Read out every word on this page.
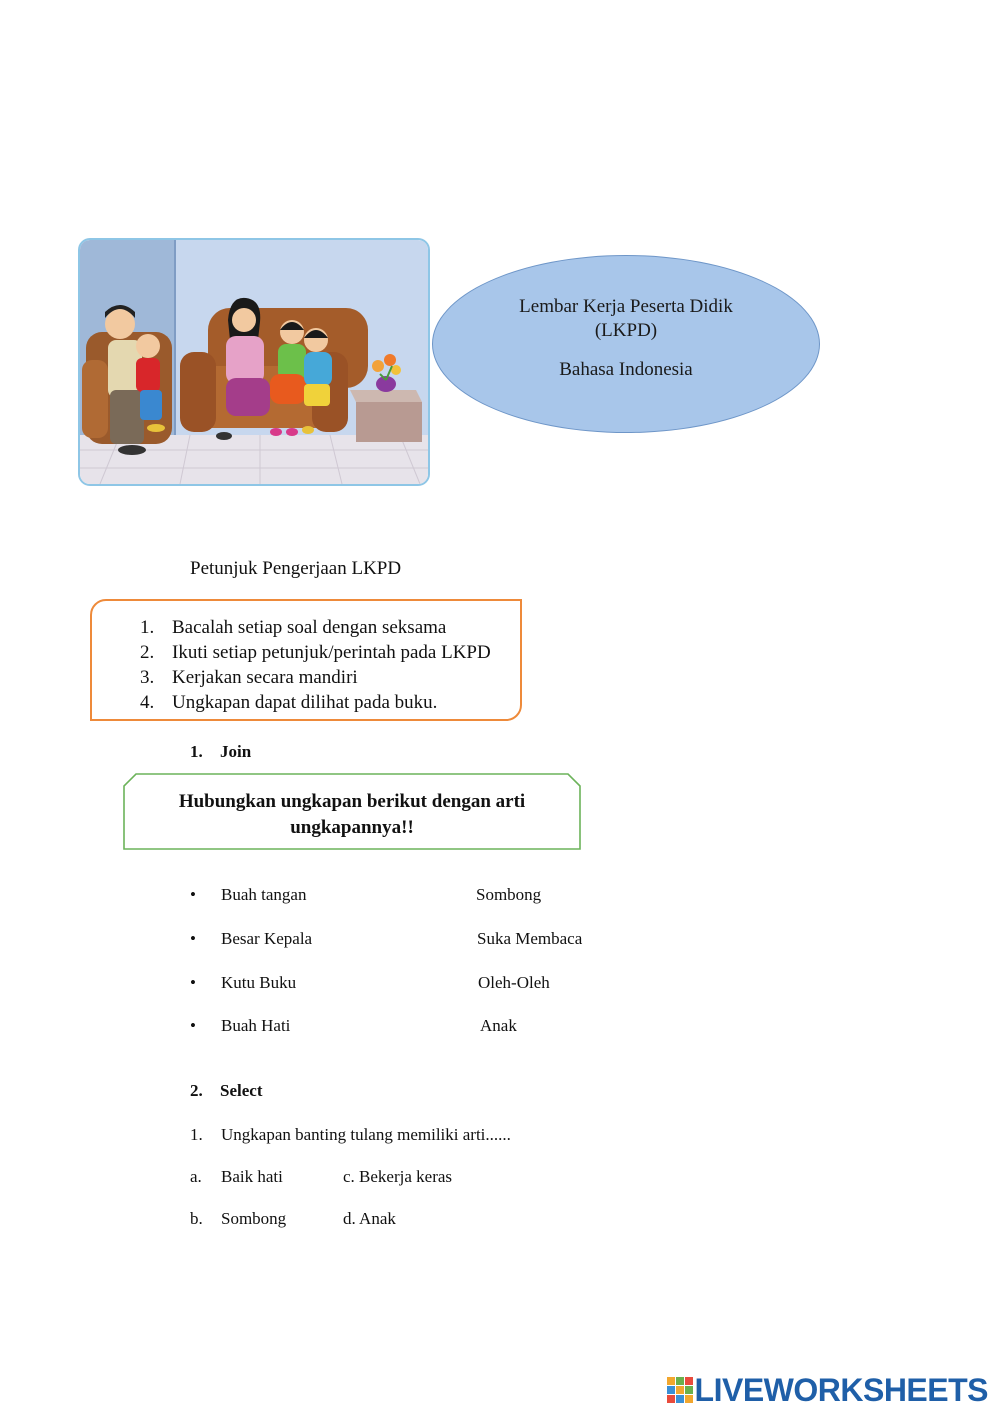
Lembar Kerja Peserta Didik
(LKPD)
Bahasa Indonesia
Petunjuk Pengerjaan LKPD
1. Bacalah setiap soal dengan seksama
2. Ikuti setiap petunjuk/perintah pada LKPD
3. Kerjakan secara mandiri
4. Ungkapan dapat dilihat pada buku.
1. Join
Hubungkan ungkapan berikut dengan arti
ungkapannya!!
• Buah tangan	Sombong
• Besar Kepala	Suka Membaca
• Kutu Buku	Oleh-Oleh
• Buah Hati	Anak
2. Select
1. Ungkapan banting tulang memiliki arti......
a. Baik hati	c. Bekerja keras
b. Sombong	d. Anak
LIVEWORKSHEETS
